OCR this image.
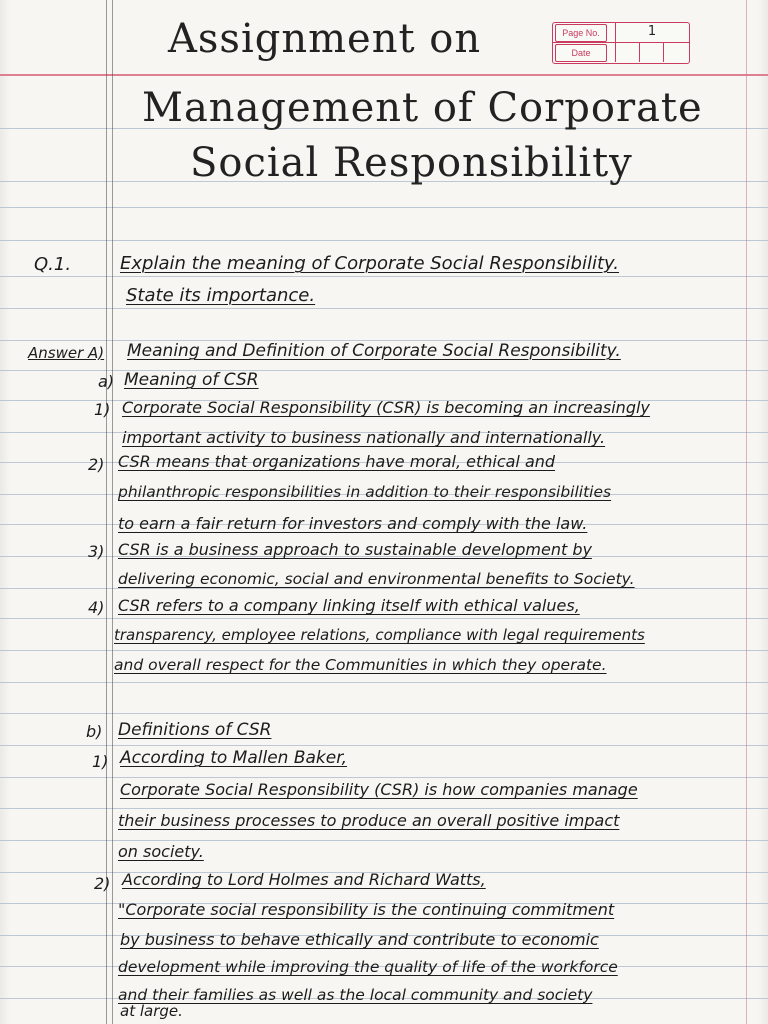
Page No.	1
Date
Assignment on
Management of Corporate
Social Responsibility
Q.1.	Explain the meaning of Corporate Social Responsibility.
State its importance.
Answer A) Meaning and Definition of Corporate Social Responsibility.
a) Meaning of CSR
1) Corporate Social Responsibility (CSR) is becoming an increasingly
important activity to business nationally and internationally.
2) CSR means that organizations have moral, ethical and
philanthropic responsibilities in addition to their responsibilities
to earn a fair return for investors and comply with the law.
3) CSR is a business approach to sustainable development by
delivering economic, social and environmental benefits to Society.
4) CSR refers to a company linking itself with ethical values,
transparency, employee relations, compliance with legal requirements
and overall respect for the Communities in which they operate.
b) Definitions of CSR
1) According to Mallen Baker,
Corporate Social Responsibility (CSR) is how companies manage
their business processes to produce an overall positive impact
on society.
2) According to Lord Holmes and Richard Watts,
"Corporate social responsibility is the continuing commitment
by business to behave ethically and contribute to economic
development while improving the quality of life of the workforce
and their families as well as the local community and society
at large.
